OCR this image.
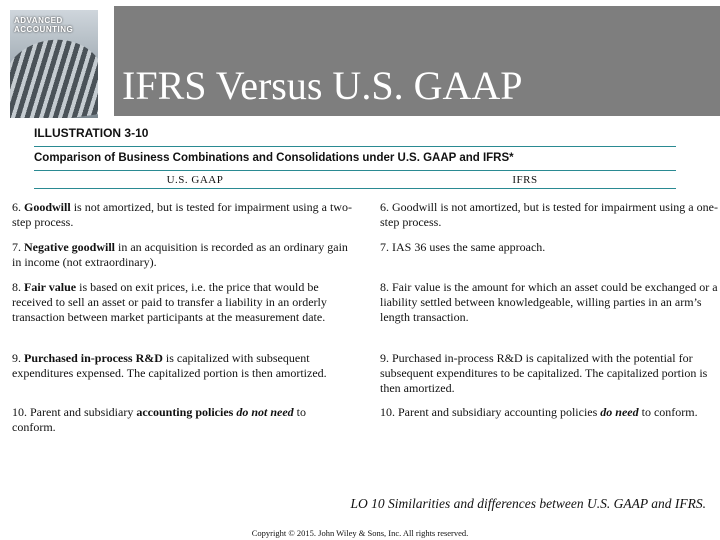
ADVANCED ACCOUNTING
IFRS Versus U.S. GAAP
ILLUSTRATION 3-10
Comparison of Business Combinations and Consolidations under U.S. GAAP and IFRS*
U.S. GAAP	IFRS
6. Goodwill is not amortized, but is tested for impairment using a two-step process.
6. Goodwill is not amortized, but is tested for impairment using a one-step process.
7. Negative goodwill in an acquisition is recorded as an ordinary gain in income (not extraordinary).
7. IAS 36 uses the same approach.
8. Fair value is based on exit prices, i.e. the price that would be received to sell an asset or paid to transfer a liability in an orderly transaction between market participants at the measurement date.
8. Fair value is the amount for which an asset could be exchanged or a liability settled between knowledgeable, willing parties in an arm’s length transaction.
9. Purchased in-process R&D is capitalized with subsequent expenditures expensed. The capitalized portion is then amortized.
9. Purchased in-process R&D is capitalized with the potential for subsequent expenditures to be capitalized. The capitalized portion is then amortized.
10. Parent and subsidiary accounting policies do not need to conform.
10. Parent and subsidiary accounting policies do need to conform.
LO 10 Similarities and differences between U.S. GAAP and IFRS.
Copyright © 2015. John Wiley & Sons, Inc. All rights reserved.
